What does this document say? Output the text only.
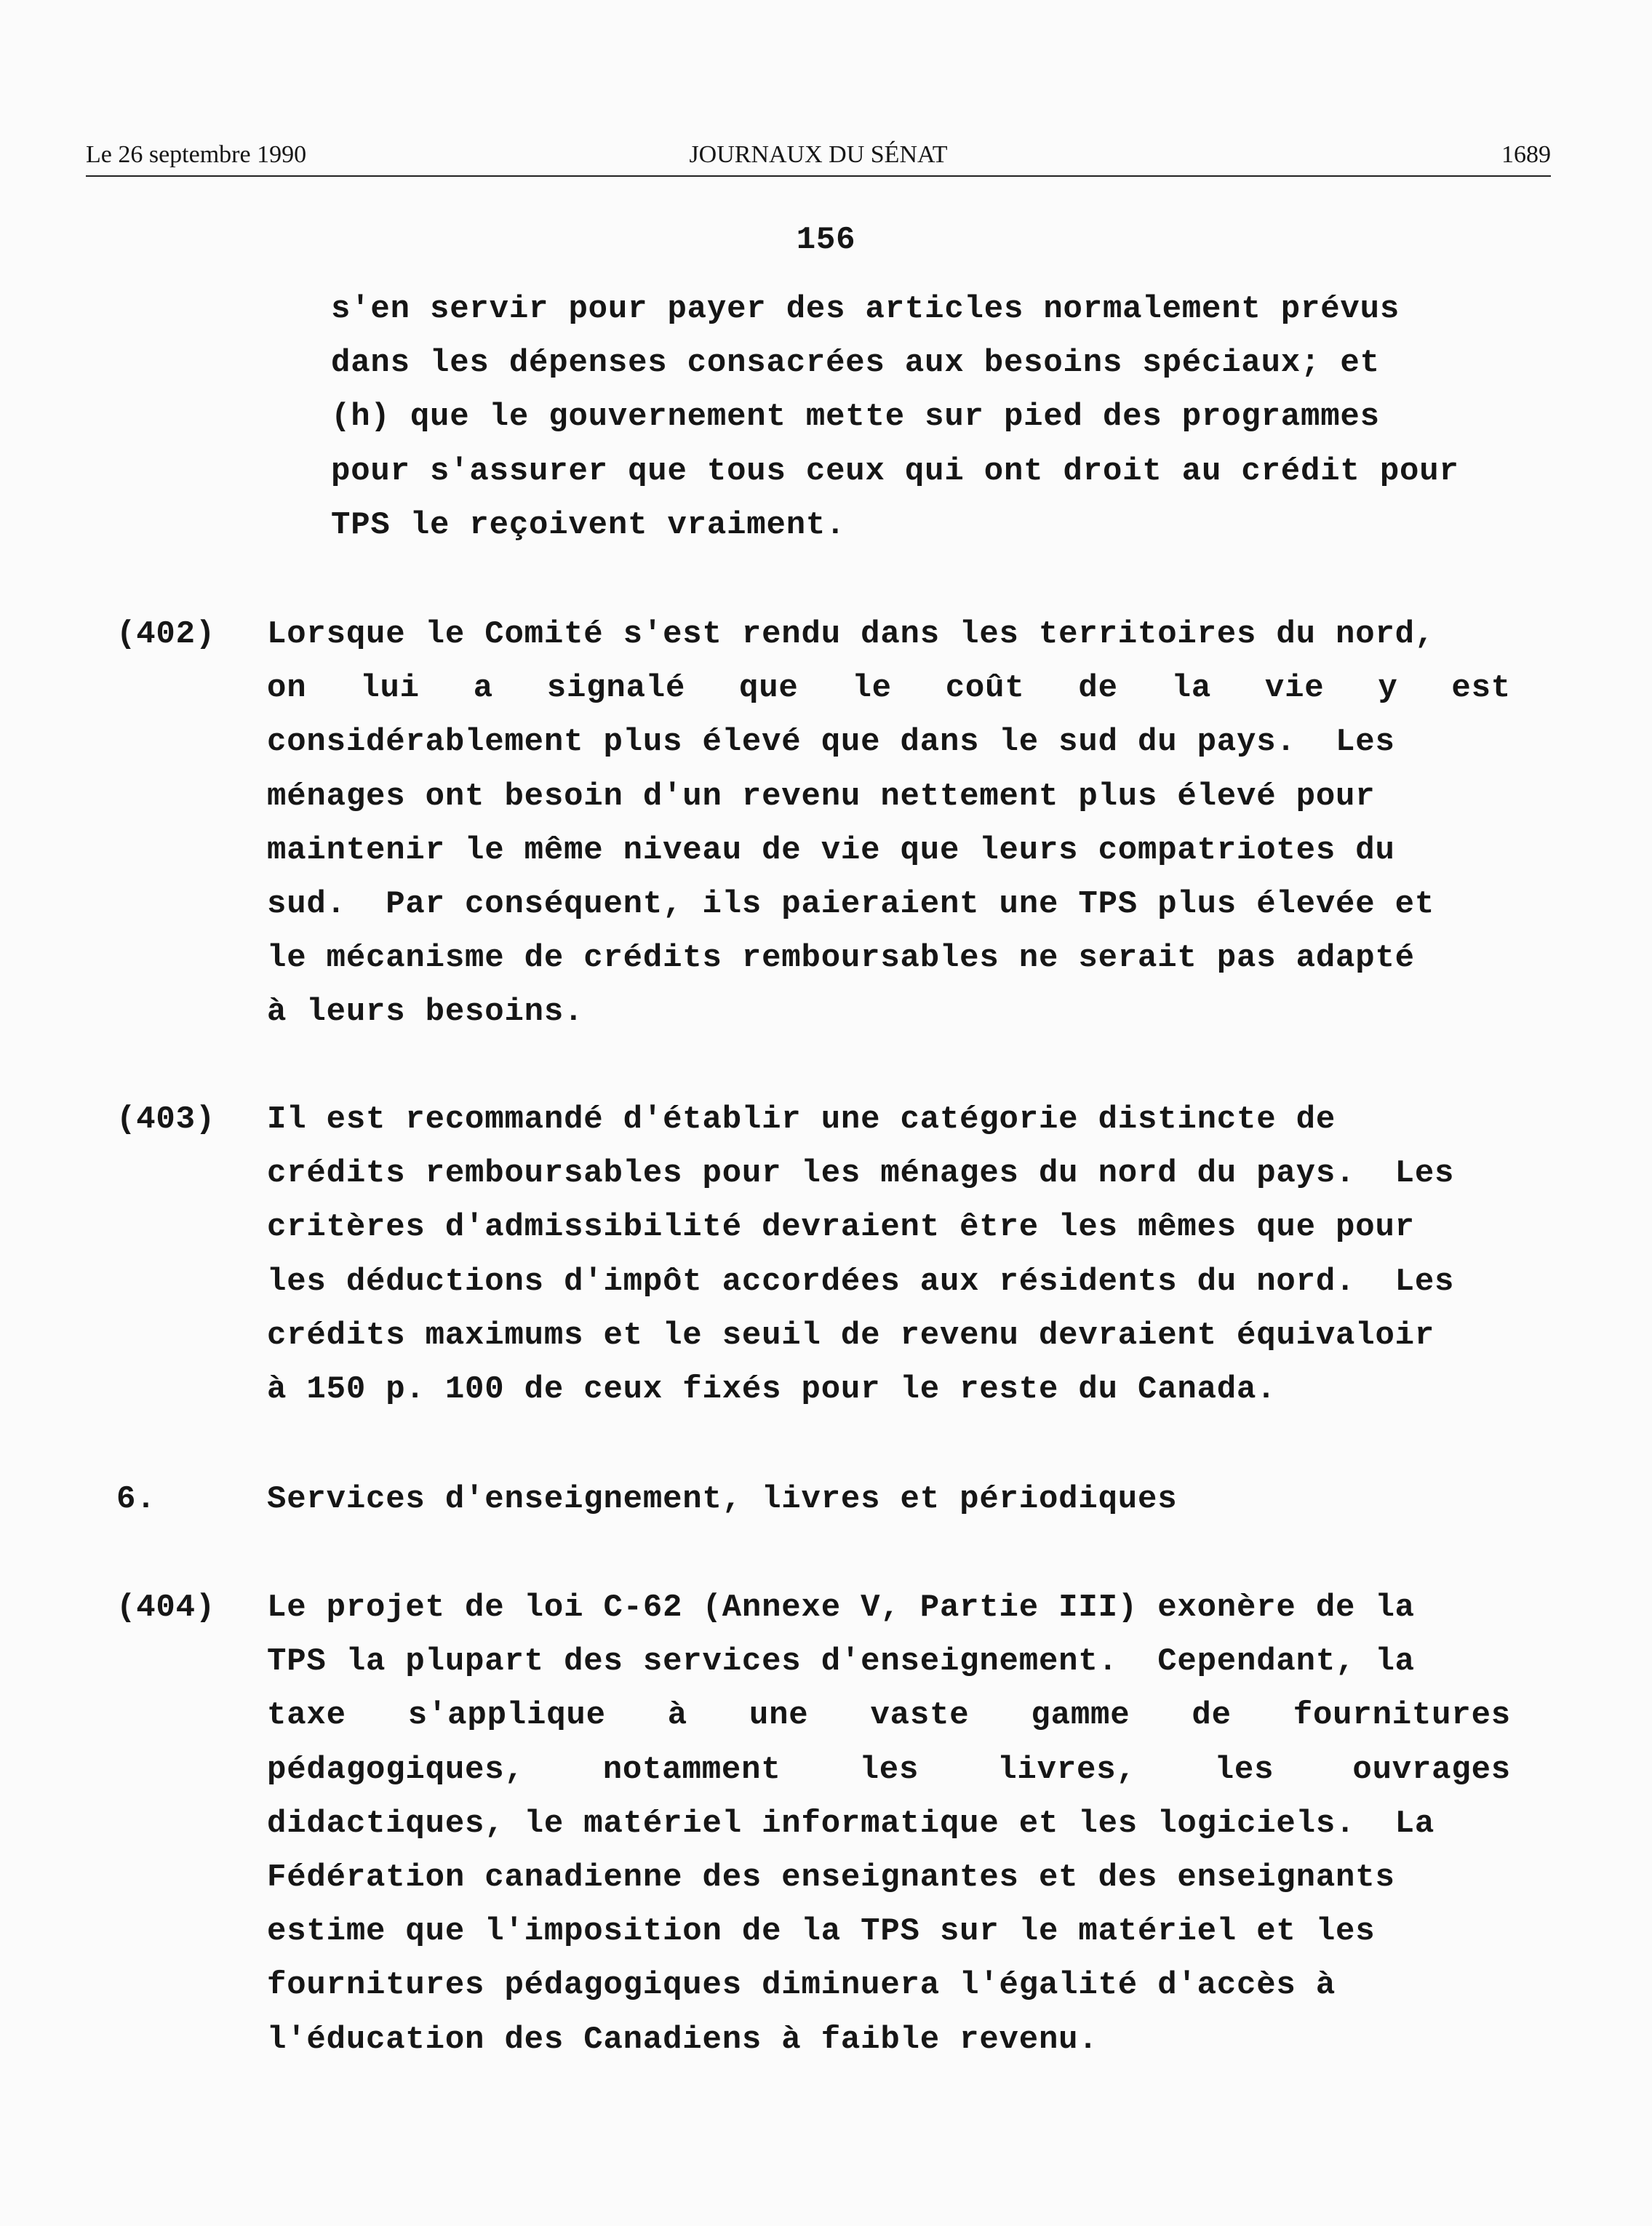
Le 26 septembre 1990	JOURNAUX DU SÉNAT	1689
156
s'en servir pour payer des articles normalement prévus
dans les dépenses consacrées aux besoins spéciaux; et
(h) que le gouvernement mette sur pied des programmes
pour s'assurer que tous ceux qui ont droit au crédit pour
TPS le reçoivent vraiment.
(402) Lorsque le Comité s'est rendu dans les territoires du nord,
on lui a signalé que le coût de la vie y est
considérablement plus élevé que dans le sud du pays.  Les
ménages ont besoin d'un revenu nettement plus élevé pour
maintenir le même niveau de vie que leurs compatriotes du
sud.  Par conséquent, ils paieraient une TPS plus élevée et
le mécanisme de crédits remboursables ne serait pas adapté
à leurs besoins.
(403) Il est recommandé d'établir une catégorie distincte de
crédits remboursables pour les ménages du nord du pays.  Les
critères d'admissibilité devraient être les mêmes que pour
les déductions d'impôt accordées aux résidents du nord.  Les
crédits maximums et le seuil de revenu devraient équivaloir
à 150 p. 100 de ceux fixés pour le reste du Canada.
6.	Services d'enseignement, livres et périodiques
(404) Le projet de loi C-62 (Annexe V, Partie III) exonère de la
TPS la plupart des services d'enseignement.  Cependant, la
taxe s'applique à une vaste gamme de fournitures
pédagogiques, notamment les livres, les ouvrages
didactiques, le matériel informatique et les logiciels.  La
Fédération canadienne des enseignantes et des enseignants
estime que l'imposition de la TPS sur le matériel et les
fournitures pédagogiques diminuera l'égalité d'accès à
l'éducation des Canadiens à faible revenu.
